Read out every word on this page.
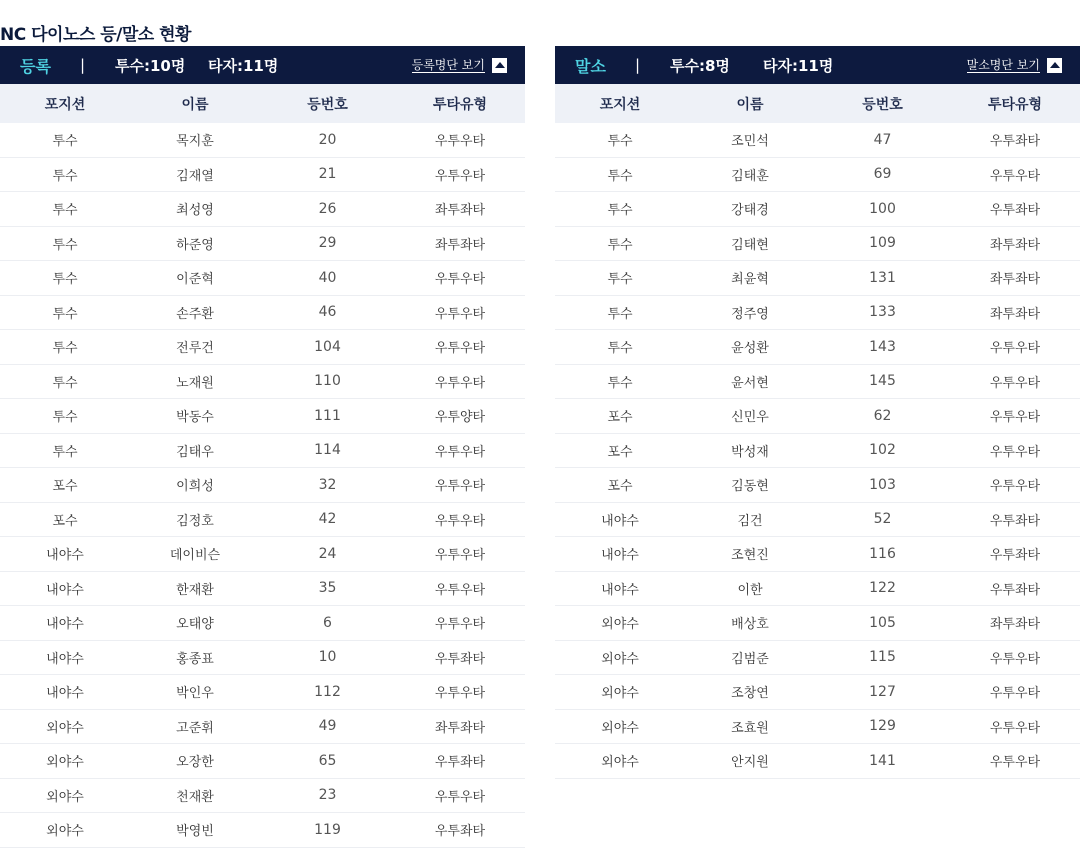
NC 다이노스 등/말소 현황
등록 | 투수:10명 타자:11명	등록명단 보기
포지션	이름	등번호	투타유형
투수	목지훈	20	우투우타
투수	김재열	21	우투우타
투수	최성영	26	좌투좌타
투수	하준영	29	좌투좌타
투수	이준혁	40	우투우타
투수	손주환	46	우투우타
투수	전루건	104	우투우타
투수	노재원	110	우투우타
투수	박동수	111	우투양타
투수	김태우	114	우투우타
포수	이희성	32	우투우타
포수	김정호	42	우투우타
내야수	데이비슨	24	우투우타
내야수	한재환	35	우투우타
내야수	오태양	6	우투우타
내야수	홍종표	10	우투좌타
내야수	박인우	112	우투우타
외야수	고준휘	49	좌투좌타
외야수	오장한	65	우투좌타
외야수	천재환	23	우투우타
외야수	박영빈	119	우투좌타
말소 | 투수:8명 타자:11명	말소명단 보기
포지션	이름	등번호	투타유형
투수	조민석	47	우투좌타
투수	김태훈	69	우투우타
투수	강태경	100	우투좌타
투수	김태현	109	좌투좌타
투수	최윤혁	131	좌투좌타
투수	정주영	133	좌투좌타
투수	윤성환	143	우투우타
투수	윤서현	145	우투우타
포수	신민우	62	우투우타
포수	박성재	102	우투우타
포수	김동현	103	우투우타
내야수	김건	52	우투좌타
내야수	조현진	116	우투좌타
내야수	이한	122	우투좌타
외야수	배상호	105	좌투좌타
외야수	김범준	115	우투우타
외야수	조창연	127	우투우타
외야수	조효원	129	우투우타
외야수	안지원	141	우투우타
